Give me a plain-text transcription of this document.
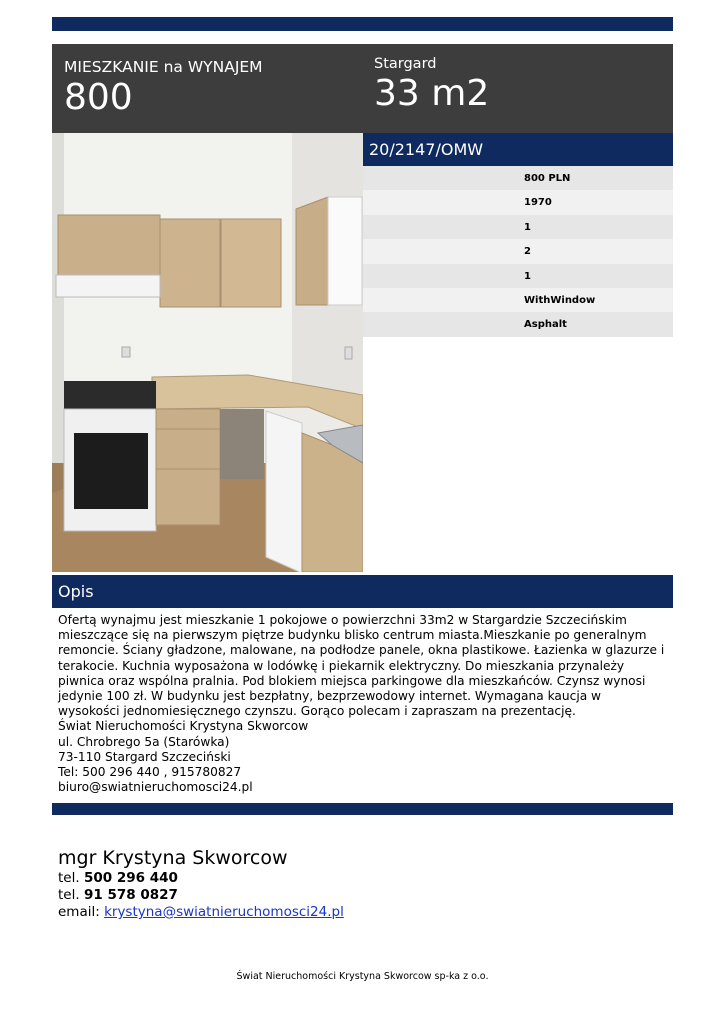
MIESZKANIE na WYNAJEM
800
Stargard
33 m2
20/2147/OMW
800 PLN
1970
1
2
1
WithWindow
Asphalt
Opis

Ofertą wynajmu jest mieszkanie 1 pokojowe o powierzchni 33m2 w Stargardzie Szczecińskim

mieszczące się na pierwszym piętrze budynku blisko centrum miasta.Mieszkanie po generalnym

remoncie. Ściany gładzone, malowane, na podłodze panele, okna plastikowe. Łazienka w glazurze i

terakocie. Kuchnia wyposażona w lodówkę i piekarnik elektryczny. Do mieszkania przynależy

piwnica oraz wspólna pralnia. Pod blokiem miejsca parkingowe dla mieszkańców. Czynsz wynosi

jedynie 100 zł. W budynku jest bezpłatny, bezprzewodowy internet. Wymagana kaucja w

wysokości jednomiesięcznego czynszu. Gorąco polecam i zapraszam na prezentację.

Świat Nieruchomości Krystyna Skworcow

ul. Chrobrego 5a (Starówka)

73-110 Stargard Szczeciński

Tel: 500 296 440 , 915780827

biuro@swiatnieruchomosci24.pl

mgr Krystyna Skworcow
tel. 500 296 440
tel. 91 578 0827
email: krystyna@swiatnieruchomosci24.pl
Świat Nieruchomości Krystyna Skworcow sp-ka z o.o.
